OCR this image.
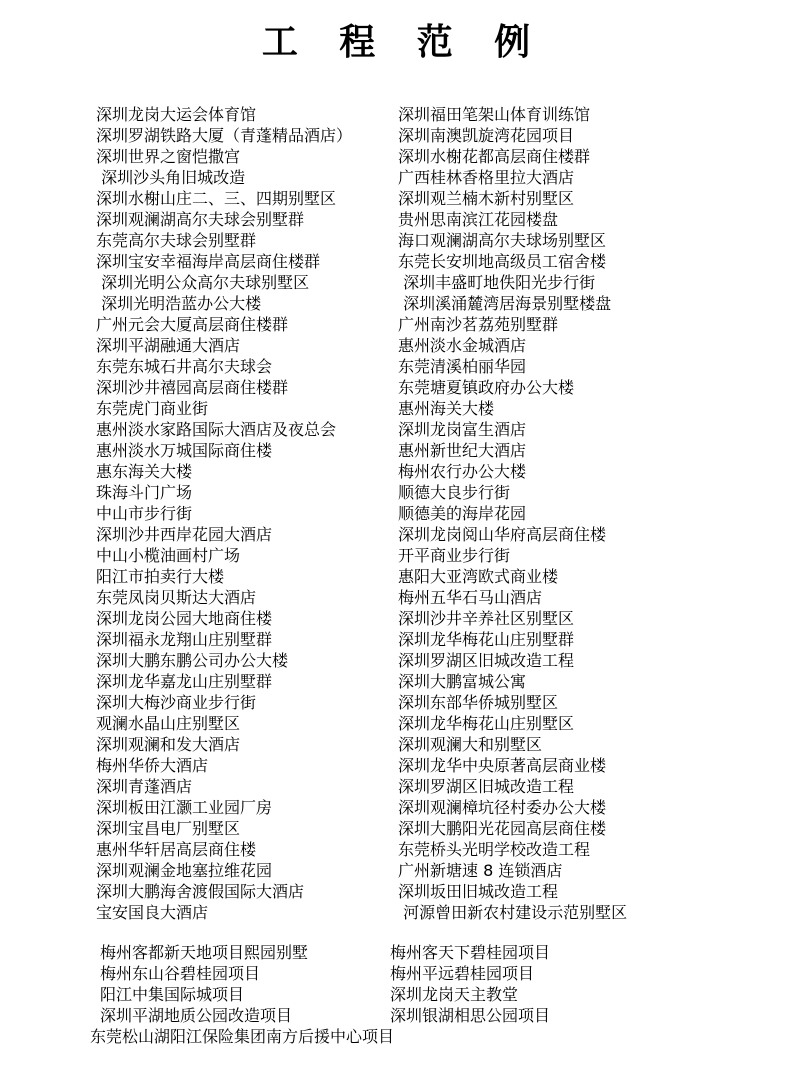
工程范例
深圳龙岗大运会体育馆	深圳福田笔架山体育训练馆
深圳罗湖铁路大厦（青蓬精品酒店）	深圳南澳凯旋湾花园项目
深圳世界之窗恺撒宫	深圳水榭花都高层商住楼群
深圳沙头角旧城改造	广西桂林香格里拉大酒店
深圳水榭山庄二、三、四期别墅区	深圳观兰楠木新村别墅区
深圳观澜湖高尔夫球会别墅群	贵州思南滨江花园楼盘
东莞高尔夫球会别墅群	海口观澜湖高尔夫球场别墅区
深圳宝安幸福海岸高层商住楼群	东莞长安圳地高级员工宿舍楼
深圳光明公众高尔夫球别墅区	深圳丰盛町地佚阳光步行街
深圳光明浩蓝办公大楼	深圳溪涌麓湾居海景别墅楼盘
广州元会大厦高层商住楼群	广州南沙茗荔苑别墅群
深圳平湖融通大酒店	惠州淡水金城酒店
东莞东城石井高尔夫球会	东莞清溪柏丽华园
深圳沙井禧园高层商住楼群	东莞塘夏镇政府办公大楼
东莞虎门商业街	惠州海关大楼
惠州淡水家路国际大酒店及夜总会	深圳龙岗富生酒店
惠州淡水万城国际商住楼	惠州新世纪大酒店
惠东海关大楼	梅州农行办公大楼
珠海斗门广场	顺德大良步行街
中山市步行街	顺德美的海岸花园
深圳沙井西岸花园大酒店	深圳龙岗阅山华府高层商住楼
中山小榄油画村广场	开平商业步行街
阳江市拍卖行大楼	惠阳大亚湾欧式商业楼
东莞凤岗贝斯达大酒店	梅州五华石马山酒店
深圳龙岗公园大地商住楼	深圳沙井辛养社区别墅区
深圳福永龙翔山庄别墅群	深圳龙华梅花山庄别墅群
深圳大鹏东鹏公司办公大楼	深圳罗湖区旧城改造工程
深圳龙华嘉龙山庄别墅群	深圳大鹏富城公寓
深圳大梅沙商业步行街	深圳东部华侨城别墅区
观澜水晶山庄别墅区	深圳龙华梅花山庄别墅区
深圳观澜和发大酒店	深圳观澜大和别墅区
梅州华侨大酒店	深圳龙华中央原著高层商业楼
深圳青蓬酒店	深圳罗湖区旧城改造工程
深圳板田江灏工业园厂房	深圳观澜樟坑径村委办公大楼
深圳宝昌电厂别墅区	深圳大鹏阳光花园高层商住楼
惠州华轩居高层商住楼	东莞桥头光明学校改造工程
深圳观澜金地塞拉维花园	广州新塘速 8 连锁酒店
深圳大鹏海舍渡假国际大酒店	深圳坂田旧城改造工程
宝安国良大酒店	河源曾田新农村建设示范别墅区
梅州客都新天地项目熙园别墅	梅州客天下碧桂园项目
梅州东山谷碧桂园项目	梅州平远碧桂园项目
阳江中集国际城项目	深圳龙岗天主教堂
深圳平湖地质公园改造项目	深圳银湖相思公园项目
东莞松山湖阳江保险集团南方后援中心项目
